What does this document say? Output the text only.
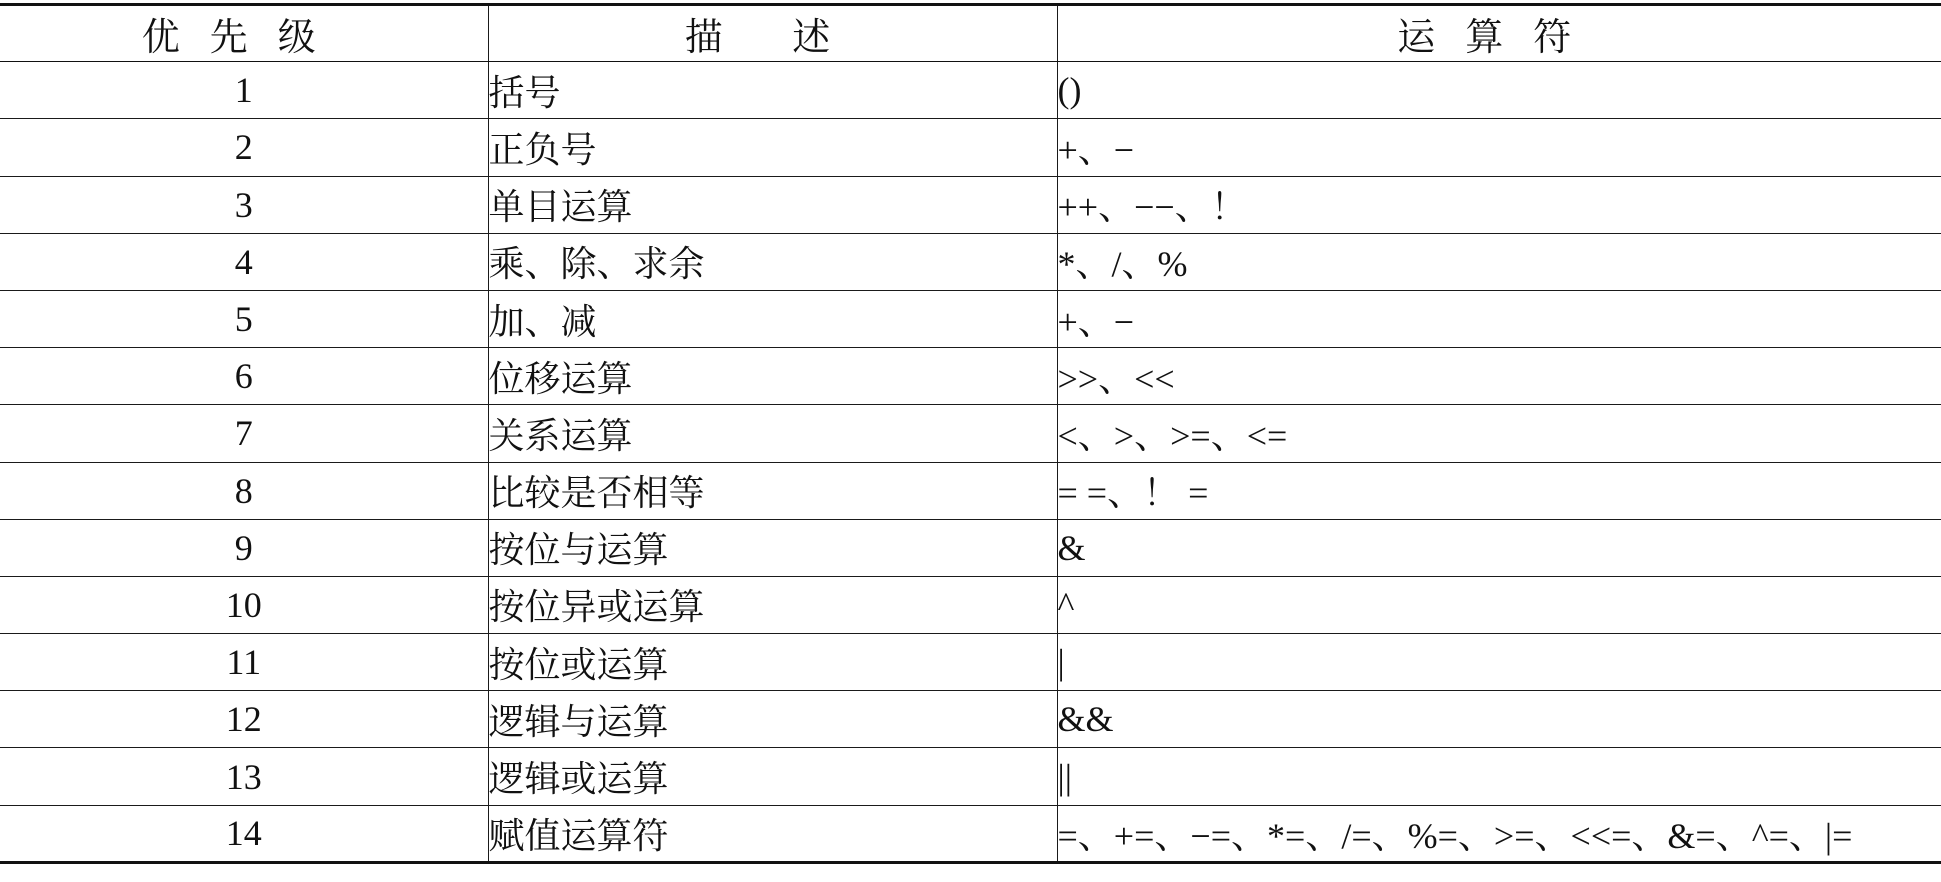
优先级	描 述	运算符
1	括号	()
2	正负号	+、−
3	单目运算	++、−−、！
4	乘、除、求余	*、/、%
5	加、减	+、−
6	位移运算	>>、<<
7	关系运算	<、>、>=、<=
8	比较是否相等	= =、！ =
9	按位与运算	&
10	按位异或运算	^
11	按位或运算	|
12	逻辑与运算	&&
13	逻辑或运算	||
14	赋值运算符	=、+=、−=、*=、/=、%=、>=、<<=、&=、^=、|=
